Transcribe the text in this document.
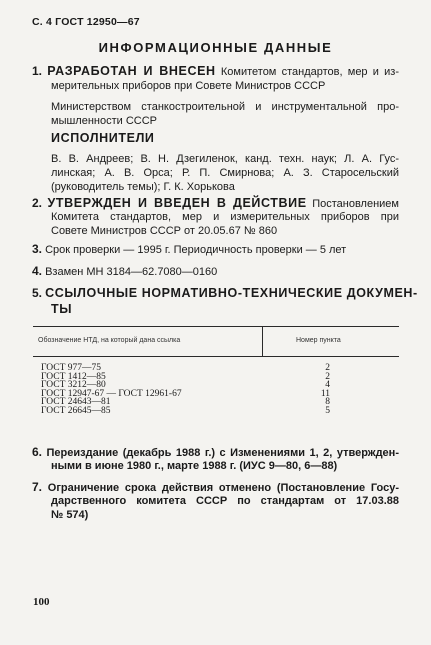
С. 4 ГОСТ 12950—67
ИНФОРМАЦИОННЫЕ ДАННЫЕ
1. РАЗРАБОТАН И ВНЕСЕН Комитетом стандартов, мер и из-
мерительных приборов при Совете Министров СССР
Министерством станкостроительной и инструментальной про-
мышленности СССР
ИСПОЛНИТЕЛИ
В. В. Андреев; В. Н. Дзегиленок, канд. техн. наук; Л. А. Гус-
линская; А. В. Орса; Р. П. Смирнова; А. З. Старосельский
(руководитель темы); Г. К. Хорькова
2. УТВЕРЖДЕН И ВВЕДЕН В ДЕЙСТВИЕ Постановлением
Комитета стандартов, мер и измерительных приборов при
Совете Министров СССР от 20.05.67 № 860
3. Срок проверки — 1995 г. Периодичность проверки — 5 лет
4. Взамен МН 3184—62.7080—0160
5. ССЫЛОЧНЫЕ НОРМАТИВНО-ТЕХНИЧЕСКИЕ ДОКУМЕН-
ТЫ
Обозначение НТД, на который дана ссылка	Номер пункта
ГОСТ 977—75	2
ГОСТ 1412—85	2
ГОСТ 3212—80	4
ГОСТ 12947-67 — ГОСТ 12961-67	11
ГОСТ 24643—81	8
ГОСТ 26645—85	5
6. Переиздание (декабрь 1988 г.) с Изменениями 1, 2, утвержден-
ными в июне 1980 г., марте 1988 г. (ИУС 9—80, 6—88)
7. Ограничение срока действия отменено (Постановление Госу-
дарственного комитета СССР по стандартам от 17.03.88
№ 574)
100
